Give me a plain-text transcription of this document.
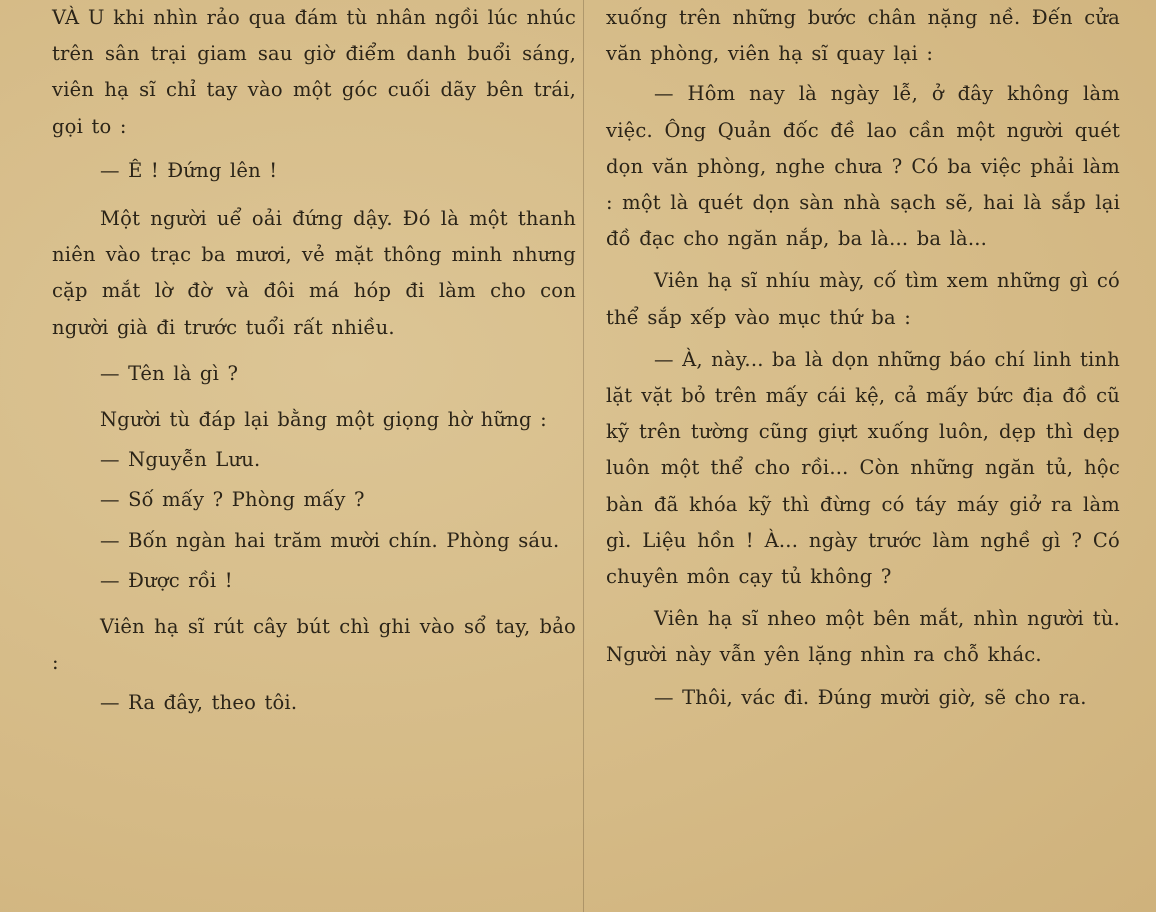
VÀ U khi nhìn rảo qua đám tù nhân ngồi lúc nhúc trên sân trại giam sau giờ điểm danh buổi sáng, viên hạ sĩ chỉ tay vào một góc cuối dãy bên trái, gọi to :

— Ê ! Đứng lên !

Một người uể oải đứng dậy. Đó là một thanh niên vào trạc ba mươi, vẻ mặt thông minh nhưng cặp mắt lờ đờ và đôi má hóp đi làm cho con người già đi trước tuổi rất nhiều.

— Tên là gì ?

Người tù đáp lại bằng một giọng hờ hững :

— Nguyễn Lưu.

— Số mấy ? Phòng mấy ?

— Bốn ngàn hai trăm mười chín. Phòng sáu.

— Được rồi !

Viên hạ sĩ rút cây bút chì ghi vào sổ tay, bảo :

— Ra đây, theo tôi.

xuống trên những bước chân nặng nề. Đến cửa văn phòng, viên hạ sĩ quay lại :

— Hôm nay là ngày lễ, ở đây không làm việc. Ông Quản đốc đề lao cần một người quét dọn văn phòng, nghe chưa ? Có ba việc phải làm : một là quét dọn sàn nhà sạch sẽ, hai là sắp lại đồ đạc cho ngăn nắp, ba là... ba là...

Viên hạ sĩ nhíu mày, cố tìm xem những gì có thể sắp xếp vào mục thứ ba :

— À, này... ba là dọn những báo chí linh tinh lặt vặt bỏ trên mấy cái kệ, cả mấy bức địa đồ cũ kỹ trên tường cũng giựt xuống luôn, dẹp thì dẹp luôn một thể cho rồi... Còn những ngăn tủ, hộc bàn đã khóa kỹ thì đừng có táy máy giở ra làm gì. Liệu hồn ! À... ngày trước làm nghề gì ? Có chuyên môn cạy tủ không ?

Viên hạ sĩ nheo một bên mắt, nhìn người tù. Người này vẫn yên lặng nhìn ra chỗ khác.

— Thôi, vác đi. Đúng mười giờ, sẽ cho ra.
